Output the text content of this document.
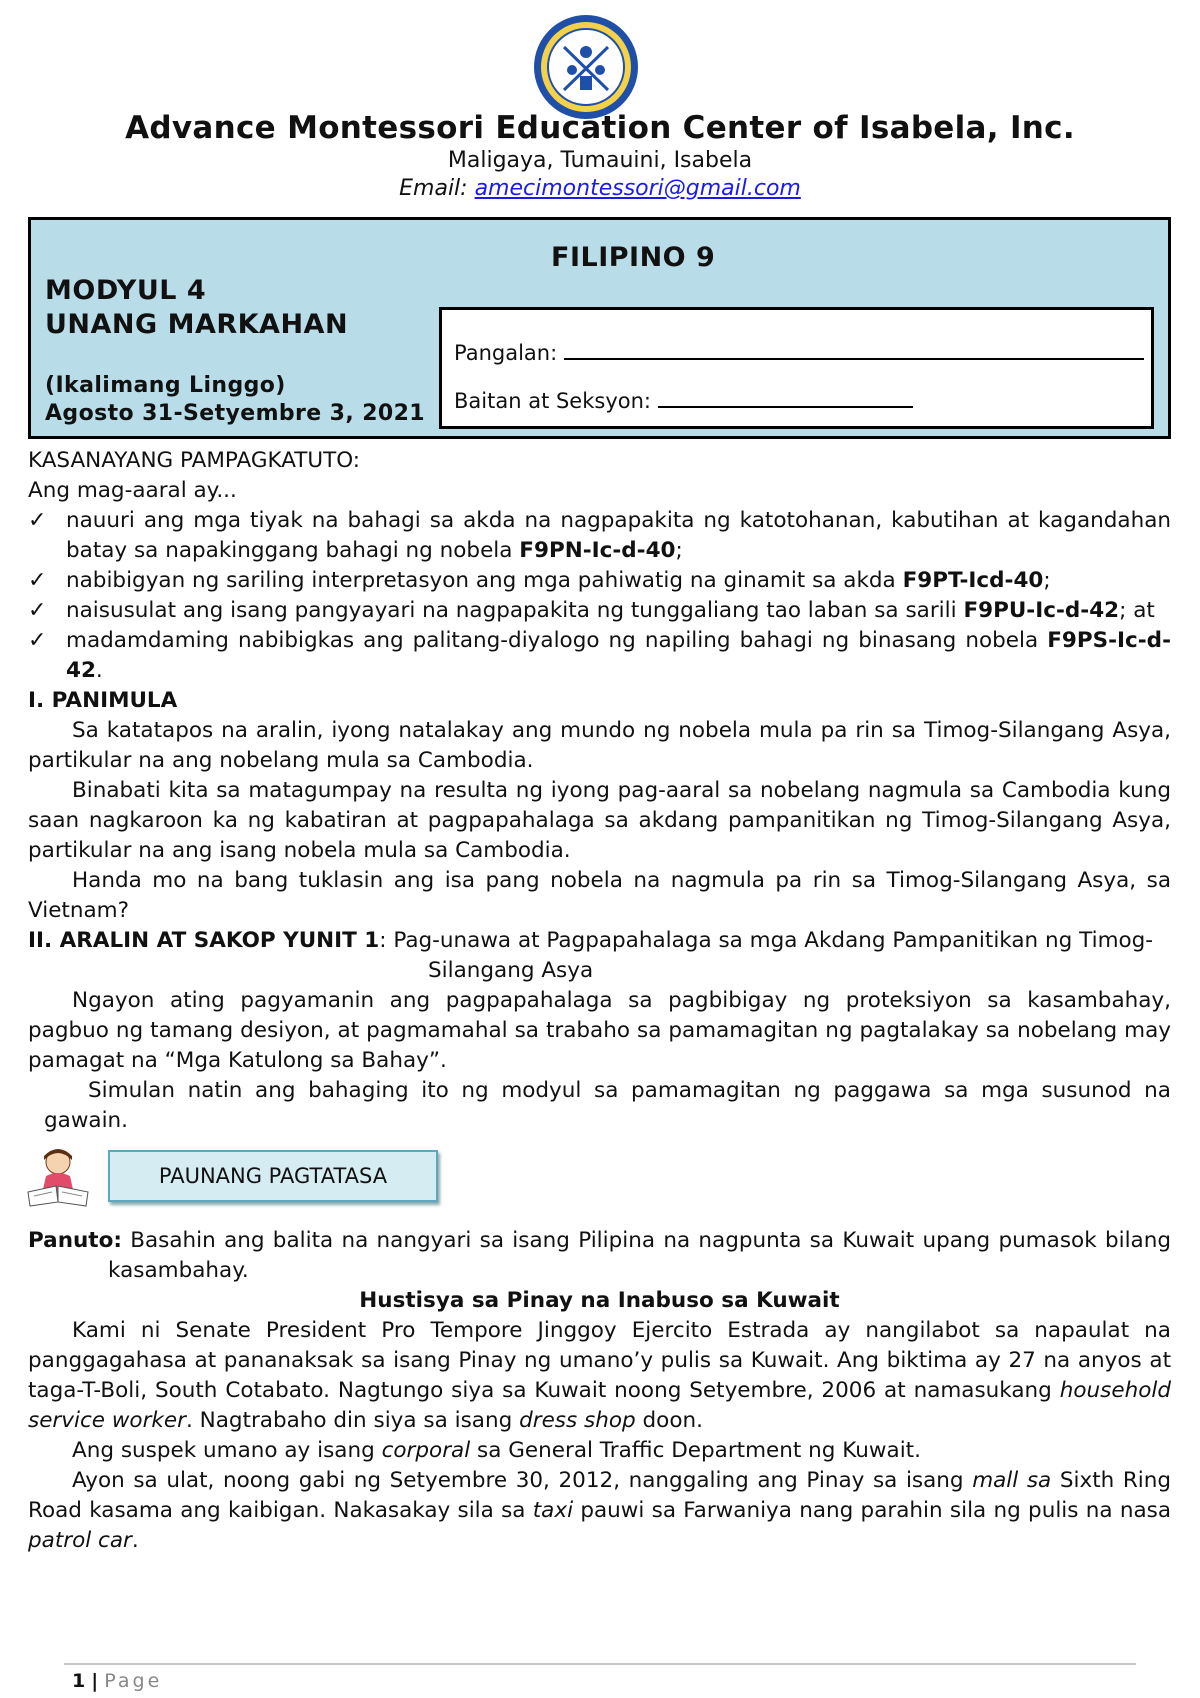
Advance Montessori Education Center of Isabela, Inc.
Maligaya, Tumauini, Isabela
Email: amecimontessori@gmail.com
FILIPINO 9
MODYUL 4
UNANG MARKAHAN
(Ikalimang Linggo)
Agosto 31-Setyembre 3, 2021
Pangalan:
Baitan at Seksyon:

KASANAYANG PAMPAGKATUTO:

Ang mag-aaral ay...

✓ nauuri ang mga tiyak na bahagi sa akda na nagpapakita ng katotohanan, kabutihan at kagandahan batay sa napakinggang bahagi ng nobela F9PN-Ic-d-40;
✓ nabibigyan ng sariling interpretasyon ang mga pahiwatig na ginamit sa akda F9PT-Icd-40;
✓ naisusulat ang isang pangyayari na nagpapakita ng tunggaliang tao laban sa sarili F9PU-Ic-d-42; at
✓ madamdaming nabibigkas ang palitang-diyalogo ng napiling bahagi ng binasang nobela F9PS-Ic-d-42.

I. PANIMULA

Sa katatapos na aralin, iyong natalakay ang mundo ng nobela mula pa rin sa Timog-Silangang Asya, partikular na ang nobelang mula sa Cambodia.

Binabati kita sa matagumpay na resulta ng iyong pag-aaral sa nobelang nagmula sa Cambodia kung saan nagkaroon ka ng kabatiran at pagpapahalaga sa akdang pampanitikan ng Timog-Silangang Asya, partikular na ang isang nobela mula sa Cambodia.

Handa mo na bang tuklasin ang isa pang nobela na nagmula pa rin sa Timog-Silangang Asya, sa Vietnam?

II. ARALIN AT SAKOP YUNIT 1: Pag-unawa at Pagpapahalaga sa mga Akdang Pampanitikan ng Timog- Silangang Asya

Ngayon ating pagyamanin ang pagpapahalaga sa pagbibigay ng proteksiyon sa kasambahay, pagbuo ng tamang desiyon, at pagmamahal sa trabaho sa pamamagitan ng pagtalakay sa nobelang may pamagat na “Mga Katulong sa Bahay”.

Simulan natin ang bahaging ito ng modyul sa pamamagitan ng paggawa sa mga susunod na gawain.

PAUNANG PAGTATASA

Panuto: Basahin ang balita na nangyari sa isang Pilipina na nagpunta sa Kuwait upang pumasok bilang kasambahay.

Hustisya sa Pinay na Inabuso sa Kuwait

Kami ni Senate President Pro Tempore Jinggoy Ejercito Estrada ay nangilabot sa napaulat na panggagahasa at pananaksak sa isang Pinay ng umano’y pulis sa Kuwait. Ang biktima ay 27 na anyos at taga-T-Boli, South Cotabato. Nagtungo siya sa Kuwait noong Setyembre, 2006 at namasukang household service worker. Nagtrabaho din siya sa isang dress shop doon.

Ang suspek umano ay isang corporal sa General Traffic Department ng Kuwait.

Ayon sa ulat, noong gabi ng Setyembre 30, 2012, nanggaling ang Pinay sa isang mall sa Sixth Ring Road kasama ang kaibigan. Nakasakay sila sa taxi pauwi sa Farwaniya nang parahin sila ng pulis na nasa patrol car.

1 | Page
